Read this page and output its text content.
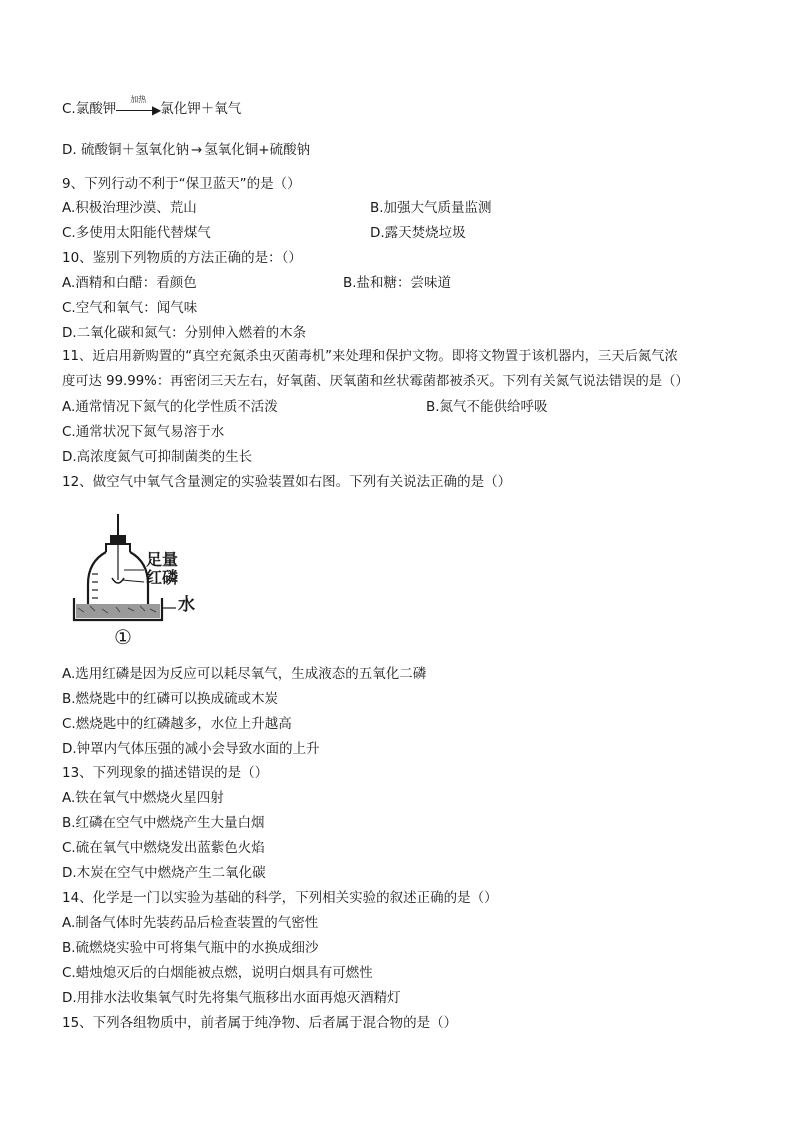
C.氯酸钾
加热
▶ 氯化钾＋氧气
D. 硫酸铜＋氢氧化钠 → 氢氧化铜+硫酸钠
9、下列行动不利于“保卫蓝天”的是（）
A.积极治理沙漠、荒山	B.加强大气质量监测
C.多使用太阳能代替煤气	D.露天焚烧垃圾
10、鉴别下列物质的方法正确的是：（）
A.酒精和白醋：看颜色	B.盐和糖：尝味道
C.空气和氧气：闻气味
D.二氧化碳和氮气：分别伸入燃着的木条
11、近启用新购置的“真空充氮杀虫灭菌毒机”来处理和保护文物。即将文物置于该机器内，三天后氮气浓
度可达 99.99%：再密闭三天左右，好氧菌、厌氧菌和丝状霉菌都被杀灭。下列有关氮气说法错误的是（）
A.通常情况下氮气的化学性质不活泼	B.氮气不能供给呼吸
C.通常状况下氮气易溶于水
D.高浓度氮气可抑制菌类的生长
12、做空气中氧气含量测定的实验装置如右图。下列有关说法正确的是（）
足量
红磷
水
①
A.选用红磷是因为反应可以耗尽氧气，生成液态的五氧化二磷
B.燃烧匙中的红磷可以换成硫或木炭
C.燃烧匙中的红磷越多，水位上升越高
D.钟罩内气体压强的减小会导致水面的上升
13、下列现象的描述错误的是（）
A.铁在氧气中燃烧火星四射
B.红磷在空气中燃烧产生大量白烟
C.硫在氧气中燃烧发出蓝紫色火焰
D.木炭在空气中燃烧产生二氧化碳
14、化学是一门以实验为基础的科学，下列相关实验的叙述正确的是（）
A.制备气体时先装药品后检查装置的气密性
B.硫燃烧实验中可将集气瓶中的水换成细沙
C.蜡烛熄灭后的白烟能被点燃，说明白烟具有可燃性
D.用排水法收集氧气时先将集气瓶移出水面再熄灭酒精灯
15、下列各组物质中，前者属于纯净物、后者属于混合物的是（）
